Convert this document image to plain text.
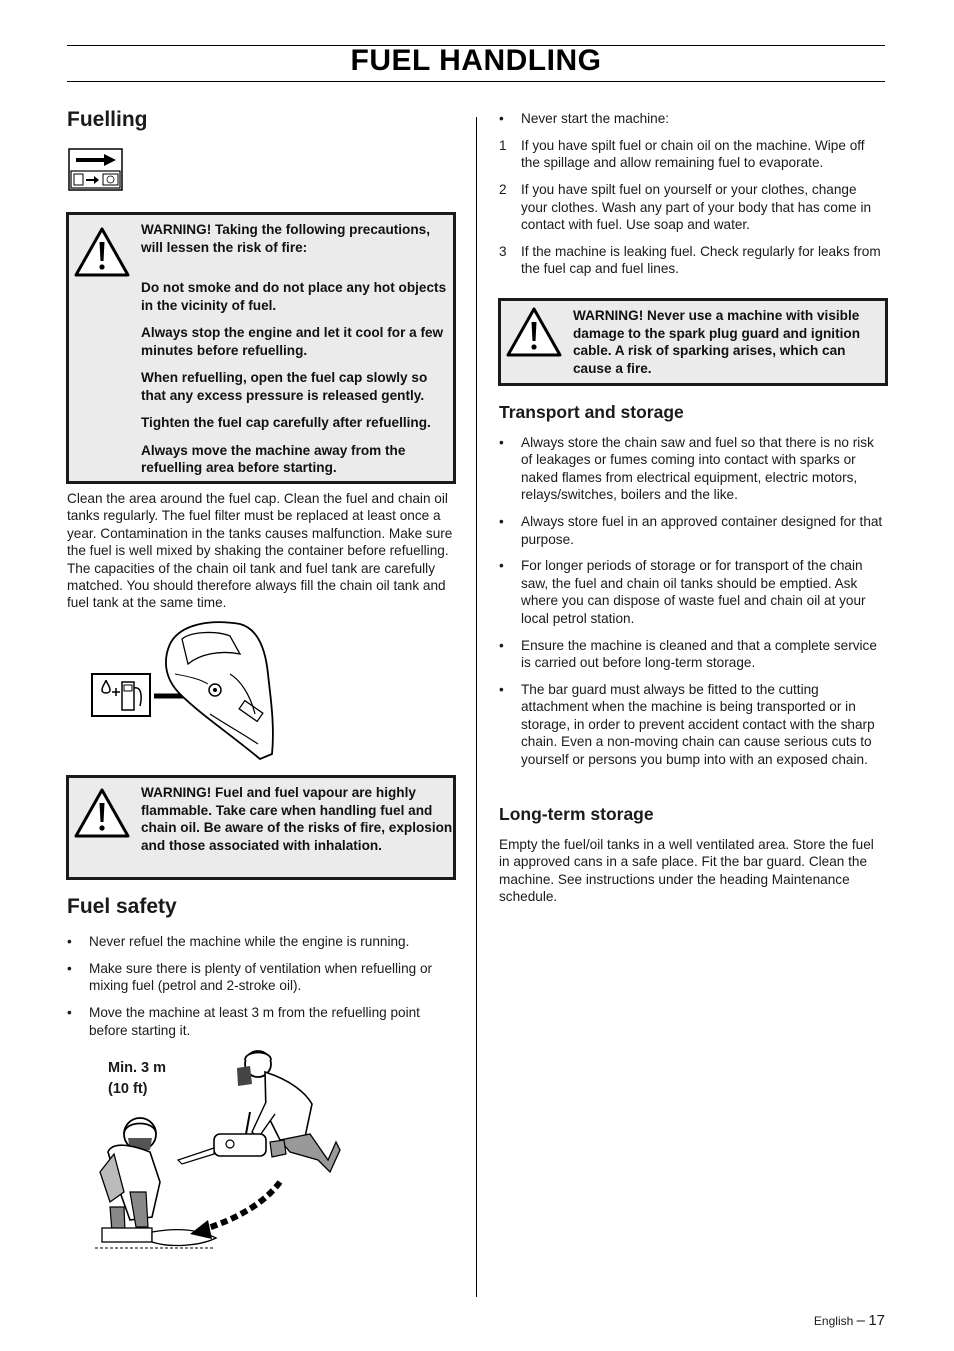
FUEL HANDLING
Fuelling

WARNING! Taking the following precautions, will lessen the risk of fire:

Do not smoke and do not place any hot objects in the vicinity of fuel.

Always stop the engine and let it cool for a few minutes before refuelling.

When refuelling, open the fuel cap slowly so that any excess pressure is released gently.

Tighten the fuel cap carefully after refuelling.

Always move the machine away from the refuelling area before starting.

Clean the area around the fuel cap. Clean the fuel and chain oil tanks regularly. The fuel filter must be replaced at least once a year. Contamination in the tanks causes malfunction. Make sure the fuel is well mixed by shaking the container before refuelling. The capacities of the chain oil tank and fuel tank are carefully matched. You should therefore always fill the chain oil tank and fuel tank at the same time.

WARNING! Fuel and fuel vapour are highly flammable. Take care when handling fuel and chain oil. Be aware of the risks of fire, explosion and those associated with inhalation.

Fuel safety
• Never refuel the machine while the engine is running.
• Make sure there is plenty of ventilation when refuelling or mixing fuel (petrol and 2-stroke oil).
• Move the machine at least 3 m from the refuelling point before starting it.
Min. 3 m
(10 ft)
• Never start the machine:
1 If you have spilt fuel or chain oil on the machine. Wipe off the spillage and allow remaining fuel to evaporate.
2 If you have spilt fuel on yourself or your clothes, change your clothes. Wash any part of your body that has come in contact with fuel. Use soap and water.
3 If the machine is leaking fuel. Check regularly for leaks from the fuel cap and fuel lines.

WARNING! Never use a machine with visible damage to the spark plug guard and ignition cable. A risk of sparking arises, which can cause a fire.

Transport and storage
• Always store the chain saw and fuel so that there is no risk of leakages or fumes coming into contact with sparks or naked flames from electrical equipment, electric motors, relays/switches, boilers and the like.
• Always store fuel in an approved container designed for that purpose.
• For longer periods of storage or for transport of the chain saw, the fuel and chain oil tanks should be emptied. Ask where you can dispose of waste fuel and chain oil at your local petrol station.
• Ensure the machine is cleaned and that a complete service is carried out before long-term storage.
• The bar guard must always be fitted to the cutting attachment when the machine is being transported or in storage, in order to prevent accident contact with the sharp chain. Even a non-moving chain can cause serious cuts to yourself or persons you bump into with an exposed chain.
Long-term storage

Empty the fuel/oil tanks in a well ventilated area. Store the fuel in approved cans in a safe place. Fit the bar guard. Clean the machine. See instructions under the heading Maintenance schedule.

English – 17
